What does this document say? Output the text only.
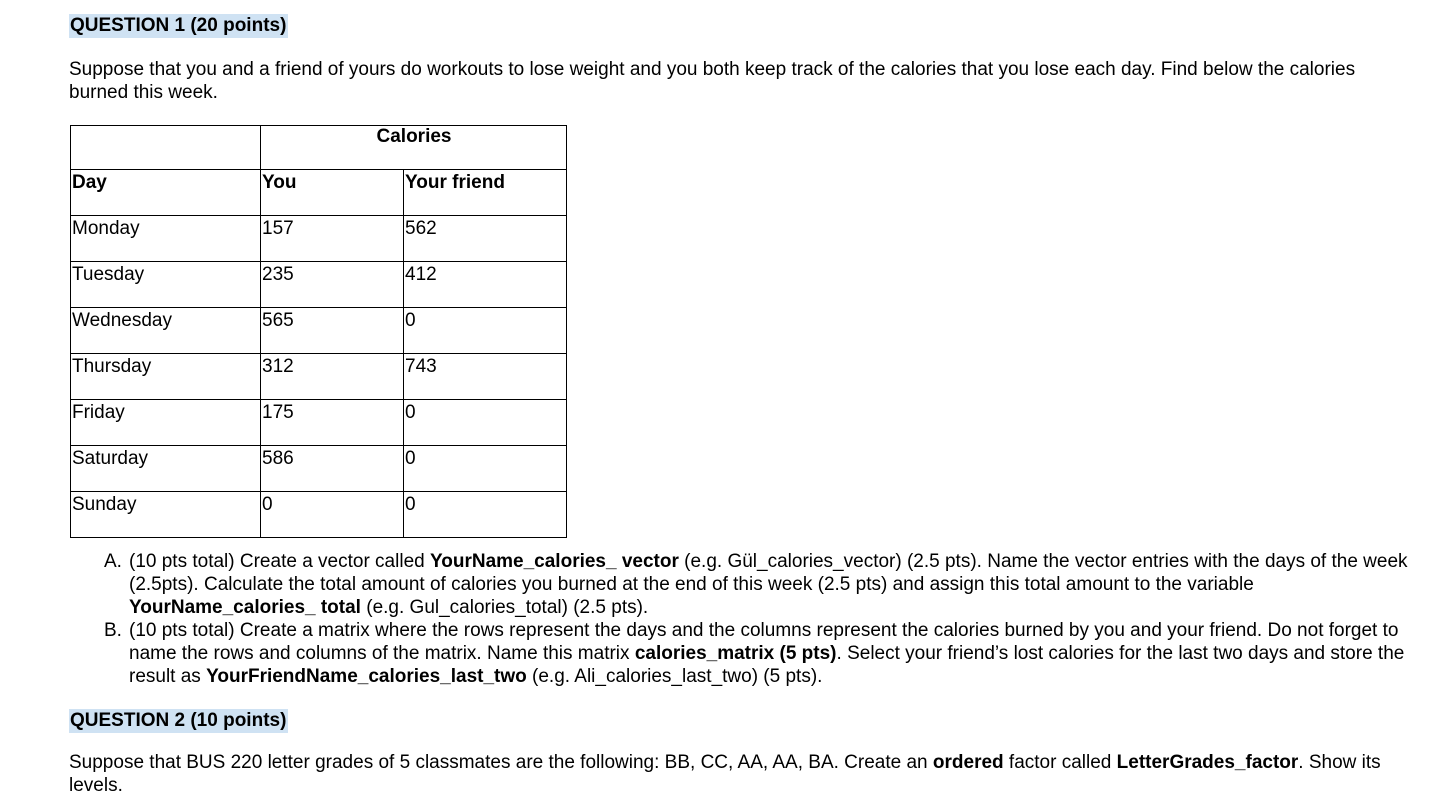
QUESTION 1 (20 points)

Suppose that you and a friend of yours do workouts to lose weight and you both keep track of the calories that you lose each day. Find below the calories burned this week.

	Calories	
Day	You	Your friend
Monday	157	562
Tuesday	235	412
Wednesday	565	0
Thursday	312	743
Friday	175	0
Saturday	586	0
Sunday	0	0
A. (10 pts total) Create a vector called YourName_calories_ vector (e.g. Gül_calories_vector) (2.5 pts). Name the vector entries with the days of the week (2.5pts). Calculate the total amount of calories you burned at the end of this week (2.5 pts) and assign this total amount to the variable YourName_calories_ total (e.g. Gul_calories_total) (2.5 pts).
B. (10 pts total) Create a matrix where the rows represent the days and the columns represent the calories burned by you and your friend. Do not forget to name the rows and columns of the matrix. Name this matrix calories_matrix (5 pts). Select your friend’s lost calories for the last two days and store the result as YourFriendName_calories_last_two (e.g. Ali_calories_last_two) (5 pts).
QUESTION 2 (10 points)

Suppose that BUS 220 letter grades of 5 classmates are the following: BB, CC, AA, AA, BA. Create an ordered factor called LetterGrades_factor. Show its levels.
